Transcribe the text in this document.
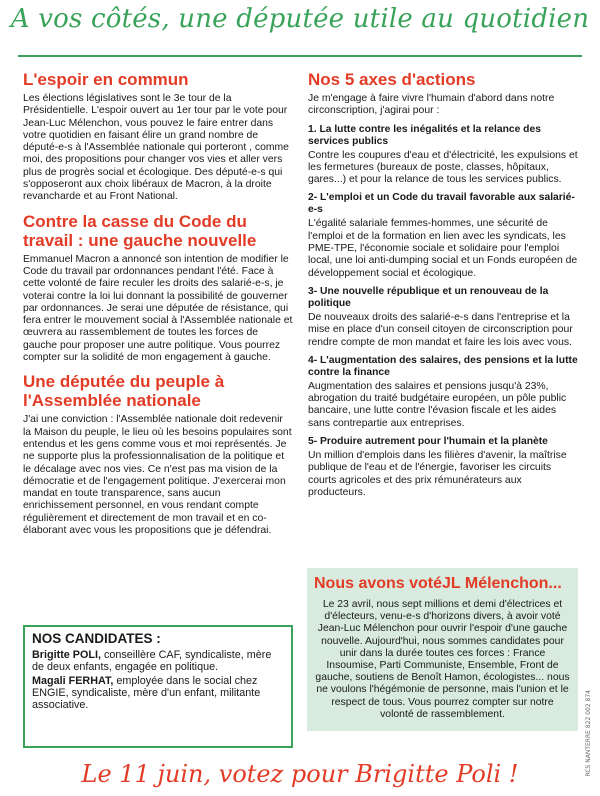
A vos côtés, une députée utile au quotidien
L'espoir en commun

Les élections législatives sont le 3e tour de la Présidentielle. L'espoir ouvert au 1er tour par le vote pour Jean-Luc Mélenchon, vous pouvez le faire entrer dans votre quotidien en faisant élire un grand nombre de député-e-s à l'Assemblée nationale qui porteront , comme moi, des propositions pour changer vos vies et aller vers plus de progrès social et écologique. Des député-e-s qui s'opposeront aux choix libéraux de Macron, à la droite revancharde et au Front National.

Contre la casse du Code du travail : une gauche nouvelle

Emmanuel Macron a annoncé son intention de modifier le Code du travail par ordonnances pendant l'été. Face à cette volonté de faire reculer les droits des salarié-e-s, je voterai contre la loi lui donnant la possibilité de gouverner par ordonnances. Je serai une députée de résistance, qui fera entrer le mouvement social à l'Assemblée nationale et œuvrera au rassemblement de toutes les forces de gauche pour proposer une autre politique. Vous pourrez compter sur la solidité de mon engagement à gauche.

Une députée du peuple à l'Assemblée nationale

J'ai une conviction : l'Assemblée nationale doit redevenir la Maison du peuple, le lieu où les besoins populaires sont entendus et les gens comme vous et moi représentés. Je ne supporte plus la professionnalisation de la politique et le décalage avec nos vies. Ce n'est pas ma vision de la démocratie et de l'engagement politique. J'exercerai mon mandat en toute transparence, sans aucun enrichissement personnel, en vous rendant compte régulièrement et directement de mon travail et en co-élaborant avec vous les propositions que je défendrai.

NOS CANDIDATES :

Brigitte POLI, conseillère CAF, syndicaliste, mère de deux enfants, engagée en politique.

Magali FERHAT, employée dans le social chez ENGIE, syndicaliste, mère d'un enfant, militante associative.

Nos 5 axes d'actions

Je m'engage à faire vivre l'humain d'abord dans notre circonscription, j'agirai pour :

1. La lutte contre les inégalités et la relance des services publics

Contre les coupures d'eau et d'électricité, les expulsions et les fermetures (bureaux de poste, classes, hôpitaux, gares...) et pour la relance de tous les services publics.

2- L'emploi et un Code du travail favorable aux salarié-e-s

L'égalité salariale femmes-hommes, une sécurité de l'emploi et de la formation en lien avec les syndicats, les PME-TPE, l'économie sociale et solidaire pour l'emploi local, une loi anti-dumping social et un Fonds européen de développement social et écologique.

3- Une nouvelle république et un renouveau de la politique

De nouveaux droits des salarié-e-s dans l'entreprise et la mise en place d'un conseil citoyen de circonscription pour rendre compte de mon mandat et faire les lois avec vous.

4- L'augmentation des salaires, des pensions et la lutte contre la finance

Augmentation des salaires et pensions jusqu'à 23%, abrogation du traité budgétaire européen, un pôle public bancaire, une lutte contre l'évasion fiscale et les aides sans contrepartie aux entreprises.

5- Produire autrement pour l'humain et la planète

Un million d'emplois dans les filières d'avenir, la maîtrise publique de l'eau et de l'énergie, favoriser les circuits courts agricoles et des prix rémunérateurs aux producteurs.

Nous avons votéJL Mélenchon...

Le 23 avril, nous sept millions et demi d'électrices et d'électeurs, venu-e-s d'horizons divers, à avoir voté Jean-Luc Mélenchon pour ouvrir l'espoir d'une gauche nouvelle. Aujourd'hui, nous sommes candidates pour unir dans la durée toutes ces forces : France Insoumise, Parti Communiste, Ensemble, Front de gauche, soutiens de Benoît Hamon, écologistes... nous ne voulons l'hégémonie de personne, mais l'union et le respect de tous. Vous pourrez compter sur notre volonté de rassemblement.	RCS NANTERRE 822 002 874
Le 11 juin, votez pour Brigitte Poli !
